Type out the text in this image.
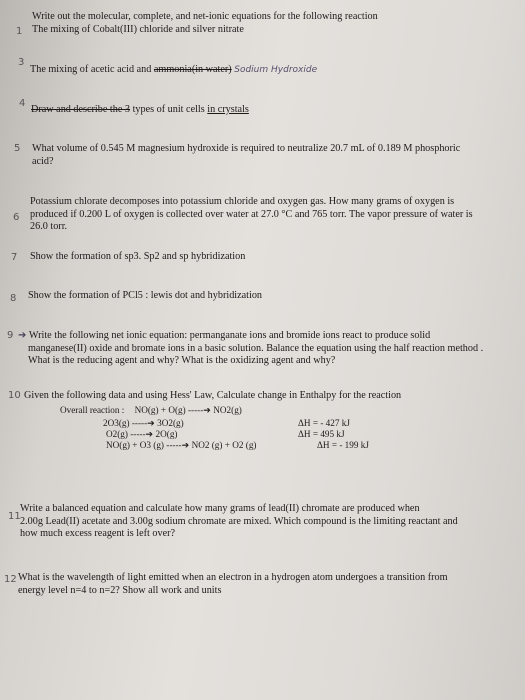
1
Write out the molecular, complete, and net-ionic equations for the following reaction
The mixing of Cobalt(III) chloride and silver nitrate
3
The mixing of acetic acid and ammonia(in water) Sodium Hydroxide
4
Draw and describe the 3 types of unit cells in crystals
5 What volume of 0.545 M magnesium hydroxide is required to neutralize 20.7 mL of 0.189 M phosphoric
acid?
6
Potassium chlorate decomposes into potassium chloride and oxygen gas. How many grams of oxygen is
produced if 0.200 L of oxygen is collected over water at 27.0 °C and 765 torr. The vapor pressure of water is
26.0 torr.
7 Show the formation of sp3. Sp2 and sp hybridization
8 Show the formation of PCl5 : lewis dot and hybridization
9 ➔ Write the following net ionic equation: permanganate ions and bromide ions react to produce solid
manganese(II) oxide and bromate ions in a basic solution. Balance the equation using the half reaction method .
What is the reducing agent and why? What is the oxidizing agent and why?
10 Given the following data and using Hess' Law, Calculate change in Enthalpy for the reaction
Overall reaction : NO(g) + O(g) -----➔ NO2(g)
2O3(g) -----➔ 3O2(g)	ΔH = - 427 kJ
O2(g) -----➔ 2O(g)	ΔH = 495 kJ
NO(g) + O3 (g) -----➔ NO2 (g) + O2 (g)	ΔH = - 199 kJ
11
Write a balanced equation and calculate how many grams of lead(II) chromate are produced when
2.00g Lead(II) acetate and 3.00g sodium chromate are mixed. Which compound is the limiting reactant and
how much excess reagent is left over?
12 What is the wavelength of light emitted when an electron in a hydrogen atom undergoes a transition from
energy level n=4 to n=2? Show all work and units
